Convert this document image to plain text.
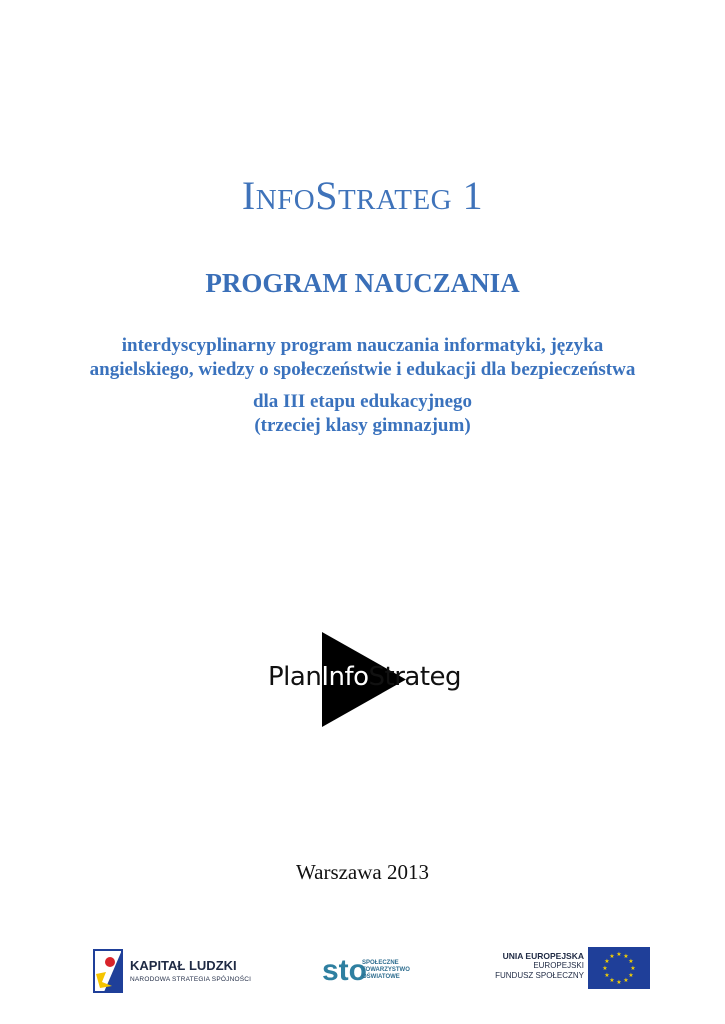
INFOSTRATEG 1
PROGRAM NAUCZANIA
interdyscyplinarny program nauczania informatyki, języka
angielskiego, wiedzy o społeczeństwie i edukacji dla bezpieczeństwa
dla III etapu edukacyjnego
(trzeciej klasy gimnazjum)
PlanInfoStrateg
Warszawa 2013
KAPITAŁ LUDZKI
NARODOWA STRATEGIA SPÓJNOŚCI sto
SPOŁECZNE
TOWARZYSTWO
OŚWIATOWE
UNIA EUROPEJSKA
EUROPEJSKI
FUNDUSZ SPOŁECZNY
★ ★
★
★
★
★
★
★
★
★
★
★
